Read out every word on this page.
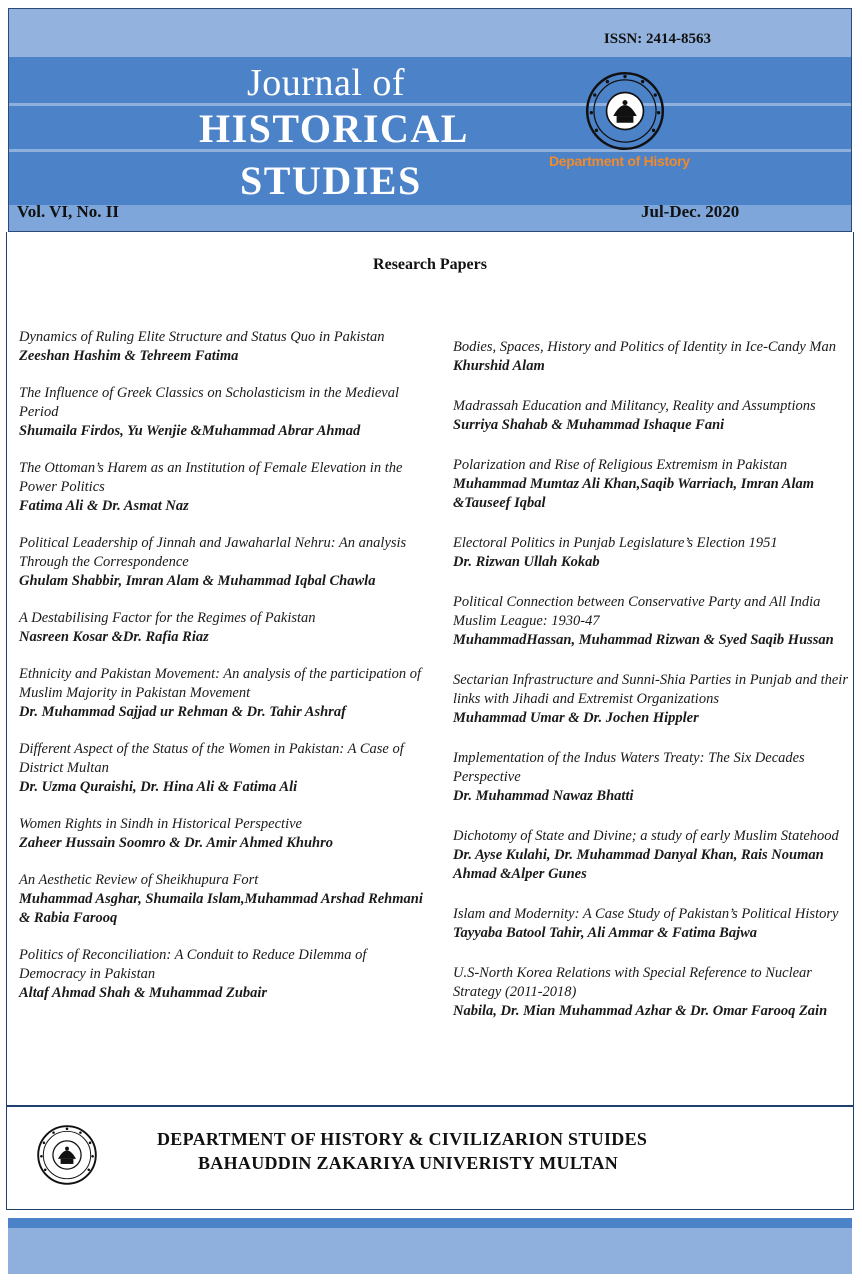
ISSN: 2414-8563
Journal of
HISTORICAL
STUDIES	Department of History
Vol. VI, No. II	Jul-Dec. 2020
Research Papers
Dynamics of Ruling Elite Structure and Status Quo in Pakistan
Zeeshan Hashim & Tehreem Fatima
The Influence of Greek Classics on Scholasticism in the Medieval Period
Shumaila Firdos, Yu Wenjie &Muhammad Abrar Ahmad
The Ottoman’s Harem as an Institution of Female Elevation in the Power Politics
Fatima Ali & Dr. Asmat Naz
Political Leadership of Jinnah and Jawaharlal Nehru: An analysis Through the Correspondence
Ghulam Shabbir, Imran Alam & Muhammad Iqbal Chawla
A Destabilising Factor for the Regimes of Pakistan
Nasreen Kosar &Dr. Rafia Riaz
Ethnicity and Pakistan Movement: An analysis of the participation of Muslim Majority in Pakistan Movement
Dr. Muhammad Sajjad ur Rehman & Dr. Tahir Ashraf
Different Aspect of the Status of the Women in Pakistan: A Case of District Multan
Dr. Uzma Quraishi, Dr. Hina Ali & Fatima Ali
Women Rights in Sindh in Historical Perspective
Zaheer Hussain Soomro & Dr. Amir Ahmed Khuhro
An Aesthetic Review of Sheikhupura Fort
Muhammad Asghar, Shumaila Islam,Muhammad Arshad Rehmani & Rabia Farooq
Politics of Reconciliation: A Conduit to Reduce Dilemma of Democracy in Pakistan
Altaf Ahmad Shah & Muhammad Zubair
Bodies, Spaces, History and Politics of Identity in Ice-Candy Man
Khurshid Alam
Madrassah Education and Militancy, Reality and Assumptions
Surriya Shahab & Muhammad Ishaque Fani
Polarization and Rise of Religious Extremism in Pakistan
Muhammad Mumtaz Ali Khan,Saqib Warriach, Imran Alam &Tauseef Iqbal
Electoral Politics in Punjab Legislature’s Election 1951
Dr. Rizwan Ullah Kokab
Political Connection between Conservative Party and All India Muslim League: 1930-47
MuhammadHassan, Muhammad Rizwan & Syed Saqib Hussan
Sectarian Infrastructure and Sunni-Shia Parties in Punjab and their links with Jihadi and Extremist Organizations
Muhammad Umar & Dr. Jochen Hippler
Implementation of the Indus Waters Treaty: The Six Decades Perspective
Dr. Muhammad Nawaz Bhatti
Dichotomy of State and Divine; a study of early Muslim Statehood
Dr. Ayse Kulahi, Dr. Muhammad Danyal Khan, Rais Nouman Ahmad &Alper Gunes
Islam and Modernity: A Case Study of Pakistan’s Political History
Tayyaba Batool Tahir, Ali Ammar & Fatima Bajwa
U.S-North Korea Relations with Special Reference to Nuclear Strategy (2011-2018)
Nabila, Dr. Mian Muhammad Azhar & Dr. Omar Farooq Zain
DEPARTMENT OF HISTORY & CIVILIZARION STUIDES
BAHAUDDIN ZAKARIYA UNIVERISTY MULTAN
